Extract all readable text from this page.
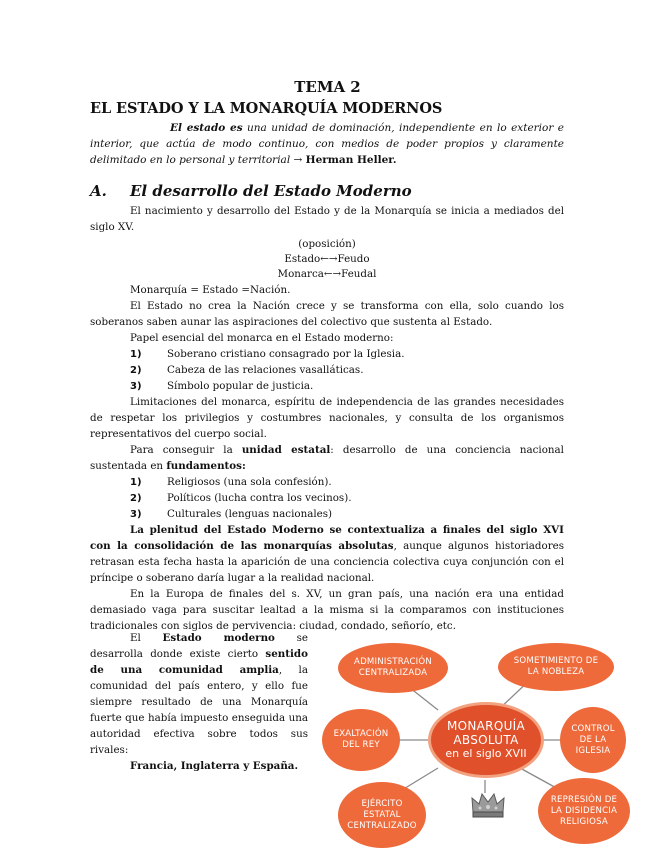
TEMA 2
EL ESTADO Y LA MONARQUÍA MODERNOS
El estado es una unidad de dominación, independiente en lo exterior e interior, que actúa de modo continuo, con medios de poder propios y claramente delimitado en lo personal y territorial → Herman Heller.
A. El desarrollo del Estado Moderno
El nacimiento y desarrollo del Estado y de la Monarquía se inicia a mediados del siglo XV.
(oposición)
Estado←→Feudo
Monarca←→Feudal
Monarquía = Estado =Nación.
El Estado no crea la Nación crece y se transforma con ella, solo cuando los soberanos saben aunar las aspiraciones del colectivo que sustenta al Estado.
Papel esencial del monarca en el Estado moderno:
1) Soberano cristiano consagrado por la Iglesia.
2) Cabeza de las relaciones vasalláticas.
3) Símbolo popular de justicia.
Limitaciones del monarca, espíritu de independencia de las grandes necesidades de respetar los privilegios y costumbres nacionales, y consulta de los organismos representativos del cuerpo social.
Para conseguir la unidad estatal: desarrollo de una conciencia nacional sustentada en fundamentos:
1) Religiosos (una sola confesión).
2) Políticos (lucha contra los vecinos).
3) Culturales (lenguas nacionales)
La plenitud del Estado Moderno se contextualiza a finales del siglo XVI con la consolidación de las monarquías absolutas, aunque algunos historiadores retrasan esta fecha hasta la aparición de una conciencia colectiva cuya conjunción con el príncipe o soberano daría lugar a la realidad nacional.
En la Europa de finales del s. XV, un gran país, una nación era una entidad demasiado vaga para suscitar lealtad a la misma si la comparamos con instituciones tradicionales con siglos de pervivencia: ciudad, condado, señorío, etc.
El Estado moderno se desarrolla donde existe cierto sentido de una comunidad amplia, la comunidad del país entero, y ello fue siempre resultado de una Monarquía fuerte que había impuesto enseguida una autoridad efectiva sobre todos sus rivales:
Francia, Inglaterra y España.
ADMINISTRACIÓN CENTRALIZADA
SOMETIMIENTO DE LA NOBLEZA
EXALTACIÓN DEL REY
CONTROL DE LA IGLESIA
EJÉRCITO ESTATAL CENTRALIZADO
REPRESIÓN DE LA DISIDENCIA RELIGIOSA
MONARQUÍA
ABSOLUTA
en el siglo XVII
